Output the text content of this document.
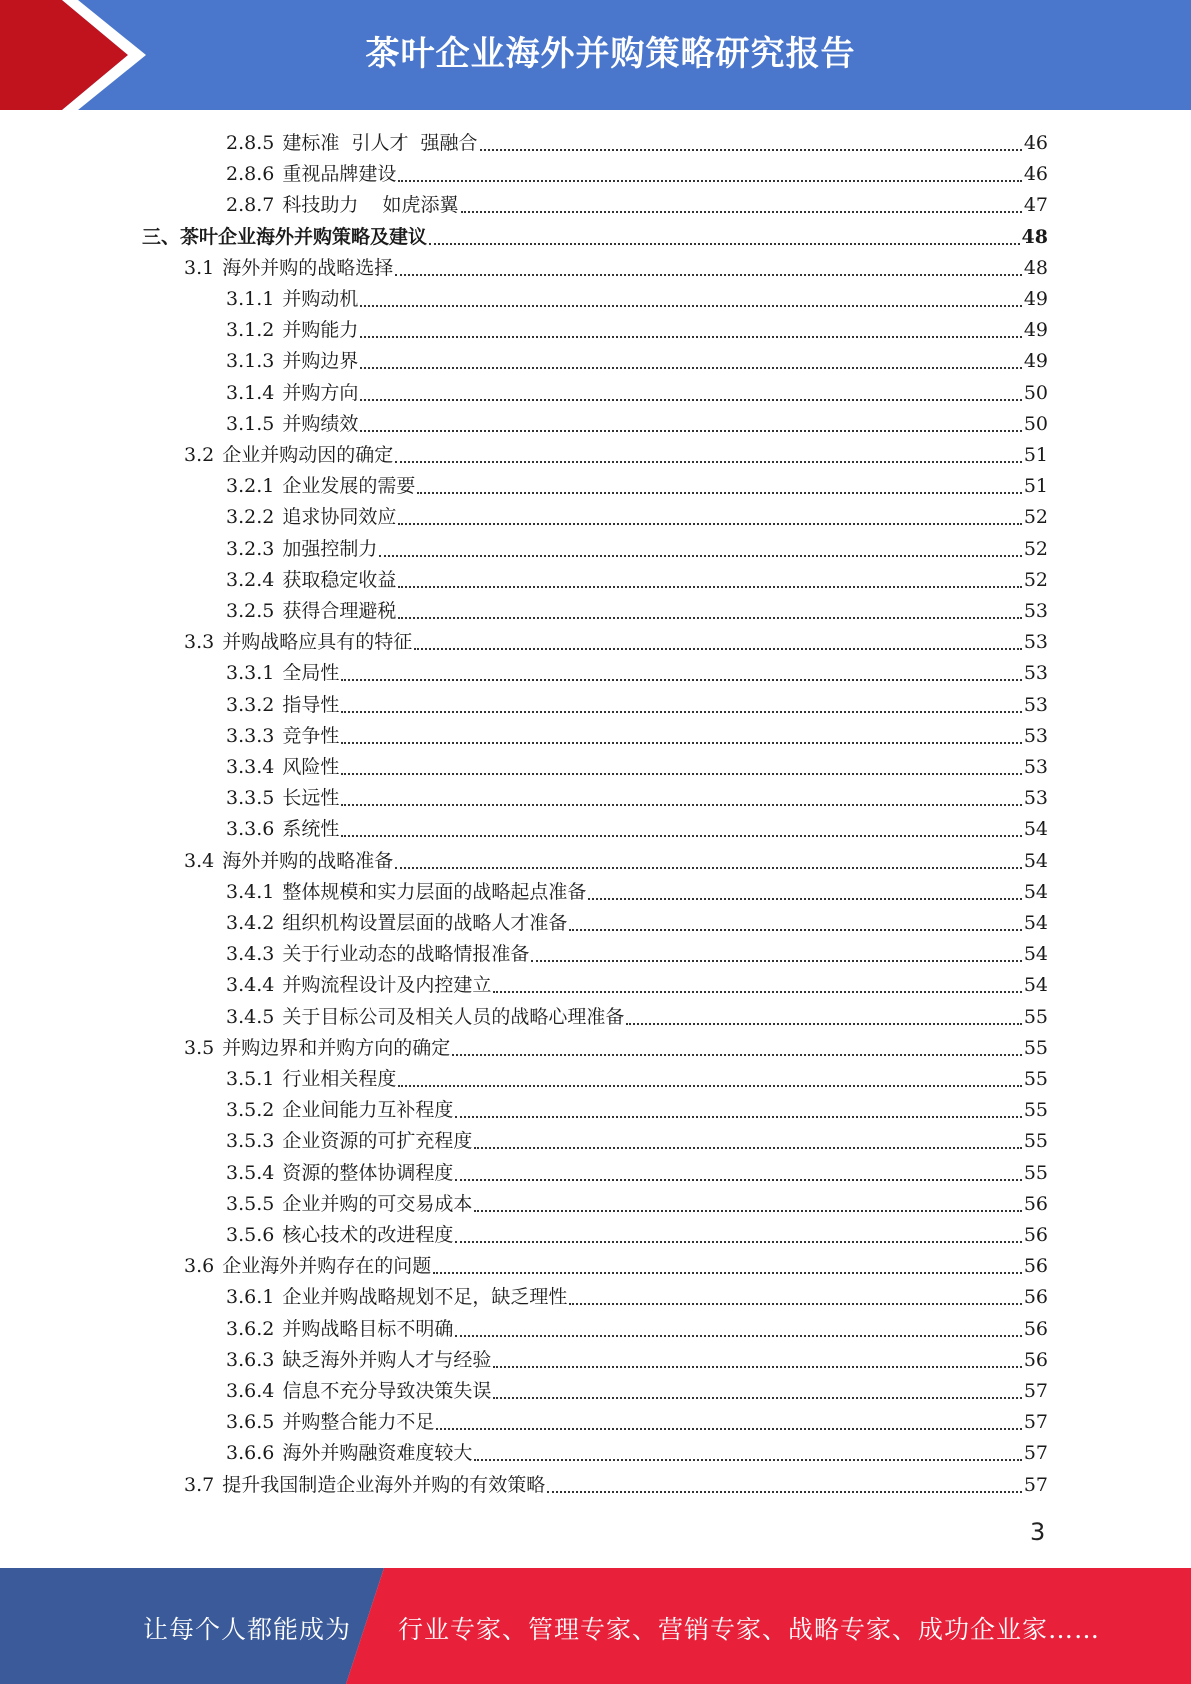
茶叶企业海外并购策略研究报告
2.8.5 建标准  引人才  强融合	46
2.8.6 重视品牌建设	46
2.8.7 科技助力    如虎添翼	47
三、 茶叶企业海外并购策略及建议	48
3.1 海外并购的战略选择	48
3.1.1 并购动机	49
3.1.2 并购能力	49
3.1.3 并购边界	49
3.1.4 并购方向	50
3.1.5 并购绩效	50
3.2 企业并购动因的确定	51
3.2.1 企业发展的需要	51
3.2.2 追求协同效应	52
3.2.3 加强控制力	52
3.2.4 获取稳定收益	52
3.2.5 获得合理避税	53
3.3 并购战略应具有的特征	53
3.3.1 全局性	53
3.3.2 指导性	53
3.3.3 竞争性	53
3.3.4 风险性	53
3.3.5 长远性	53
3.3.6 系统性	54
3.4 海外并购的战略准备	54
3.4.1 整体规模和实力层面的战略起点准备	54
3.4.2 组织机构设置层面的战略人才准备	54
3.4.3 关于行业动态的战略情报准备	54
3.4.4 并购流程设计及内控建立	54
3.4.5 关于目标公司及相关人员的战略心理准备	55
3.5 并购边界和并购方向的确定	55
3.5.1 行业相关程度	55
3.5.2 企业间能力互补程度	55
3.5.3 企业资源的可扩充程度	55
3.5.4 资源的整体协调程度	55
3.5.5 企业并购的可交易成本	56
3.5.6 核心技术的改进程度	56
3.6 企业海外并购存在的问题	56
3.6.1 企业并购战略规划不足，缺乏理性	56
3.6.2 并购战略目标不明确	56
3.6.3 缺乏海外并购人才与经验	56
3.6.4 信息不充分导致决策失误	57
3.6.5 并购整合能力不足	57
3.6.6 海外并购融资难度较大	57
3.7 提升我国制造企业海外并购的有效策略	57
3
让每个人都能成为 行业专家、管理专家、营销专家、战略专家、成功企业家……
